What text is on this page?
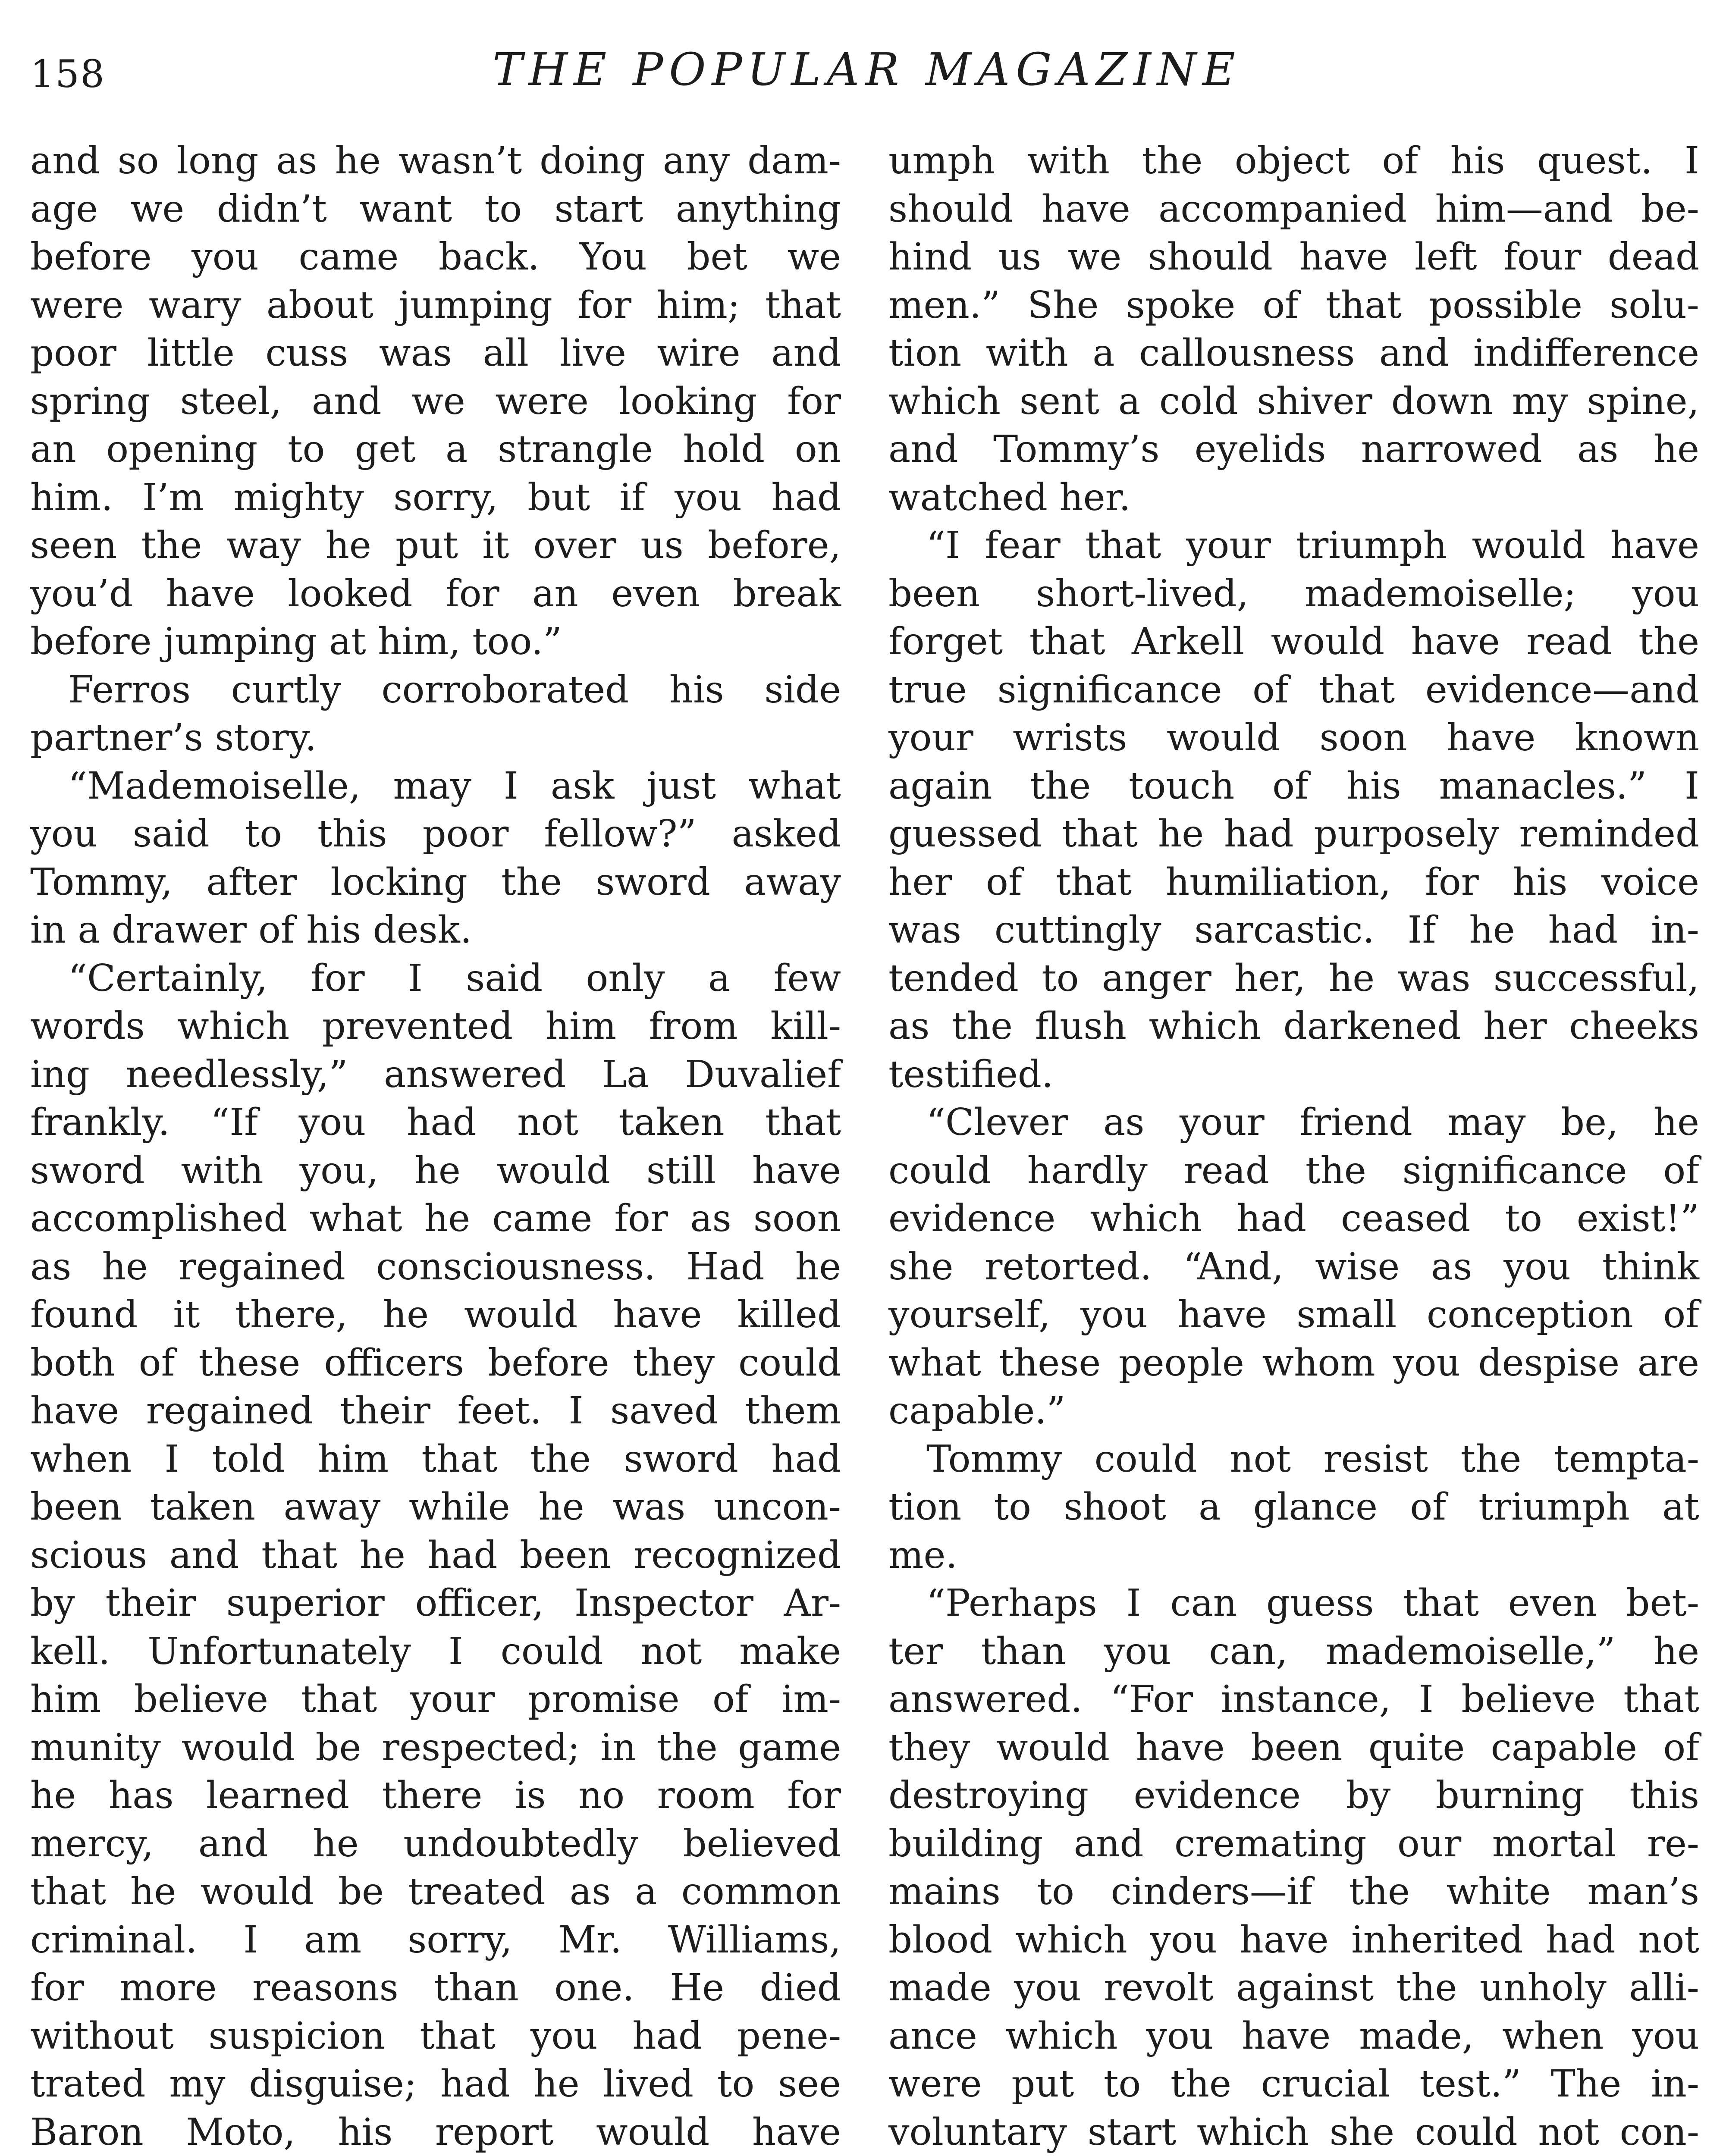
158	THE POPULAR MAGAZINE
and so long as he wasn’t doing any dam-
age we didn’t want to start anything
before you came back. You bet we
were wary about jumping for him; that
poor little cuss was all live wire and
spring steel, and we were looking for
an opening to get a strangle hold on
him. I’m mighty sorry, but if you had
seen the way he put it over us before,
you’d have looked for an even break
before jumping at him, too.”
Ferros curtly corroborated his side
partner’s story.
“Mademoiselle, may I ask just what
you said to this poor fellow?” asked
Tommy, after locking the sword away
in a drawer of his desk.
“Certainly, for I said only a few
words which prevented him from kill-
ing needlessly,” answered La Duvalief
frankly. “If you had not taken that
sword with you, he would still have
accomplished what he came for as soon
as he regained consciousness. Had he
found it there, he would have killed
both of these officers before they could
have regained their feet. I saved them
when I told him that the sword had
been taken away while he was uncon-
scious and that he had been recognized
by their superior officer, Inspector Ar-
kell. Unfortunately I could not make
him believe that your promise of im-
munity would be respected; in the game
he has learned there is no room for
mercy, and he undoubtedly believed
that he would be treated as a common
criminal. I am sorry, Mr. Williams,
for more reasons than one. He died
without suspicion that you had pene-
trated my disguise; had he lived to see
Baron Moto, his report would have
umph with the object of his quest. I
should have accompanied him—and be-
hind us we should have left four dead
men.” She spoke of that possible solu-
tion with a callousness and indifference
which sent a cold shiver down my spine,
and Tommy’s eyelids narrowed as he
watched her.
“I fear that your triumph would have
been short-lived, mademoiselle; you
forget that Arkell would have read the
true significance of that evidence—and
your wrists would soon have known
again the touch of his manacles.” I
guessed that he had purposely reminded
her of that humiliation, for his voice
was cuttingly sarcastic. If he had in-
tended to anger her, he was successful,
as the flush which darkened her cheeks
testified.
“Clever as your friend may be, he
could hardly read the significance of
evidence which had ceased to exist!”
she retorted. “And, wise as you think
yourself, you have small conception of
what these people whom you despise are
capable.”
Tommy could not resist the tempta-
tion to shoot a glance of triumph at
me.
“Perhaps I can guess that even bet-
ter than you can, mademoiselle,” he
answered. “For instance, I believe that
they would have been quite capable of
destroying evidence by burning this
building and cremating our mortal re-
mains to cinders—if the white man’s
blood which you have inherited had not
made you revolt against the unholy alli-
ance which you have made, when you
were put to the crucial test.” The in-
voluntary start which she could not con-
